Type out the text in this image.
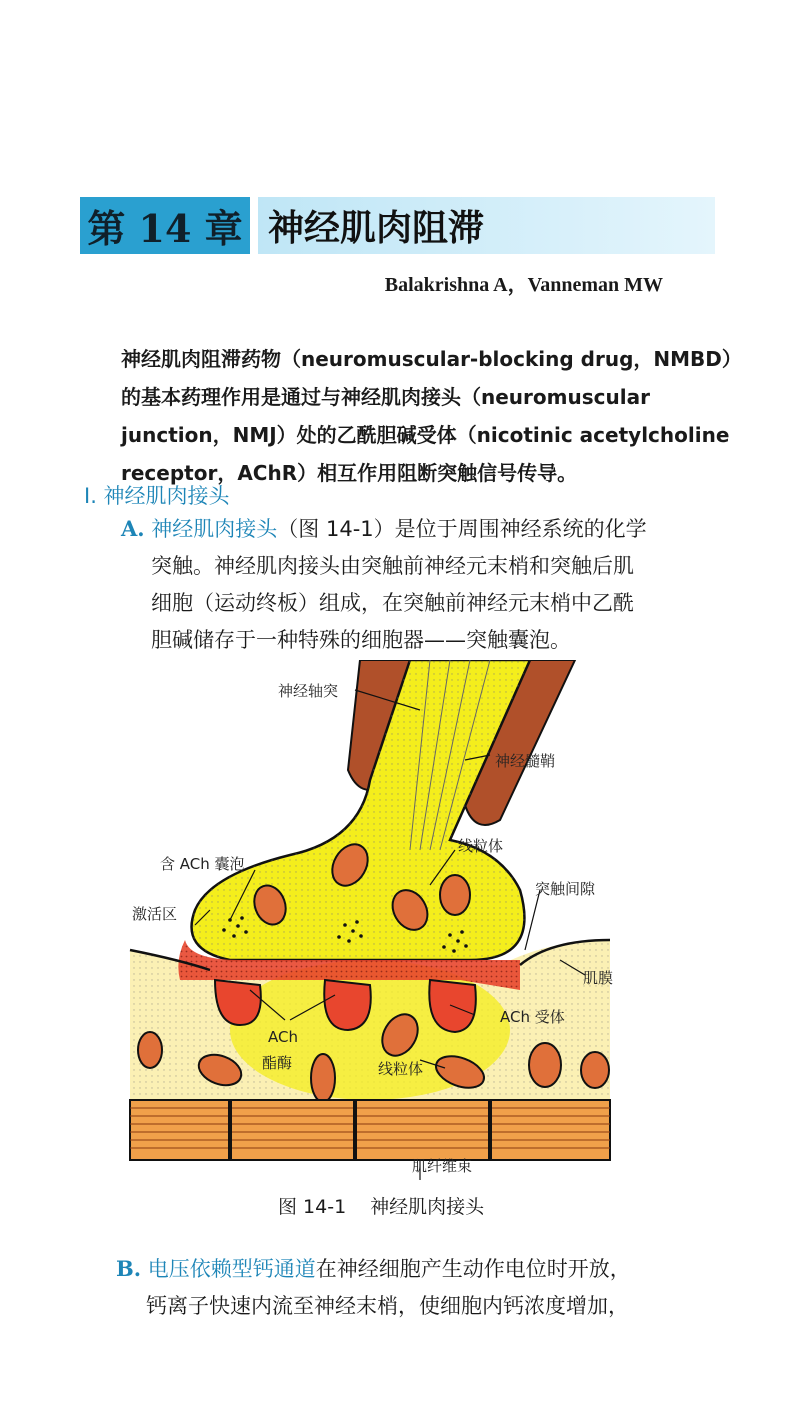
第 14 章 神经肌肉阻滞
Balakrishna A，Vanneman MW
神经肌肉阻滞药物（neuromuscular-blocking drug，NMBD）
的基本药理作用是通过与神经肌肉接头（neuromuscular
junction，NMJ）处的乙酰胆碱受体（nicotinic acetylcholine
receptor，AChR）相互作用阻断突触信号传导。
Ⅰ. 神经肌肉接头
A. 神经肌肉接头（图 14-1）是位于周围神经系统的化学
突触。神经肌肉接头由突触前神经元末梢和突触后肌
细胞（运动终板）组成，在突触前神经元末梢中乙酰
胆碱储存于一种特殊的细胞器——突触囊泡。
神经轴突
神经髓鞘
含 ACh 囊泡
线粒体
激活区
突触间隙
肌膜
ACh 受体
ACh
酯酶	线粒体
肌纤维束
图 14-1 神经肌肉接头
B. 电压依赖型钙通道在神经细胞产生动作电位时开放，
钙离子快速内流至神经末梢，使细胞内钙浓度增加，
